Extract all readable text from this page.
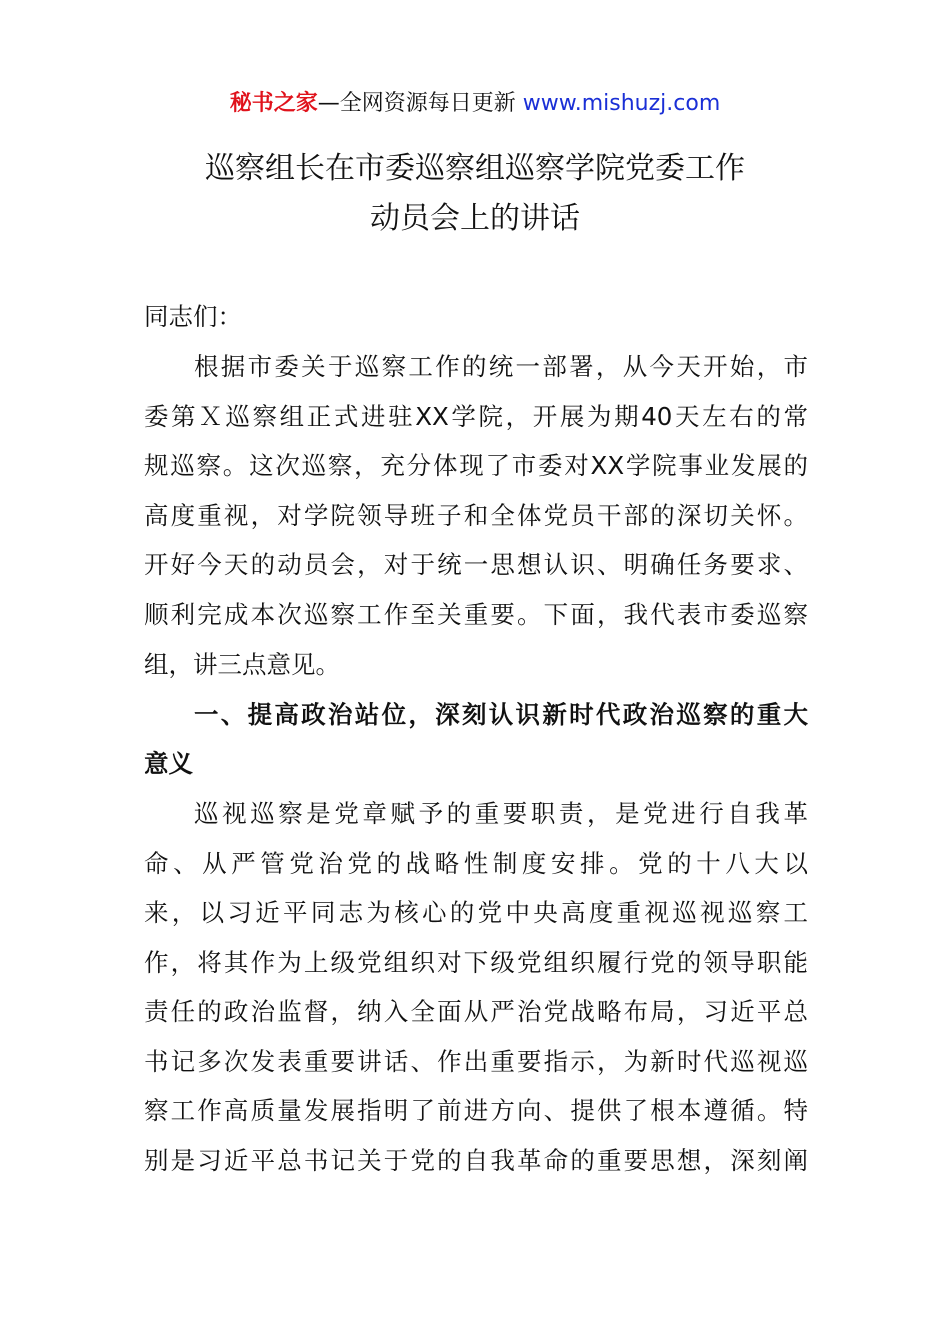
秘书之家—全网资源每日更新 www.mishuzj.com
巡察组长在市委巡察组巡察学院党委工作
动员会上的讲话
同志们：
根据市委关于巡察工作的统一部署，从今天开始，市
委第Ｘ巡察组正式进驻XX学院，开展为期40天左右的常
规巡察。这次巡察，充分体现了市委对XX学院事业发展的
高度重视，对学院领导班子和全体党员干部的深切关怀。
开好今天的动员会，对于统一思想认识、明确任务要求、
顺利完成本次巡察工作至关重要。下面，我代表市委巡察
组，讲三点意见。
一、提高政治站位，深刻认识新时代政治巡察的重大
意义
巡视巡察是党章赋予的重要职责，是党进行自我革
命、从严管党治党的战略性制度安排。党的十八大以
来，以习近平同志为核心的党中央高度重视巡视巡察工
作，将其作为上级党组织对下级党组织履行党的领导职能
责任的政治监督，纳入全面从严治党战略布局，习近平总
书记多次发表重要讲话、作出重要指示，为新时代巡视巡
察工作高质量发展指明了前进方向、提供了根本遵循。特
别是习近平总书记关于党的自我革命的重要思想，深刻阐
